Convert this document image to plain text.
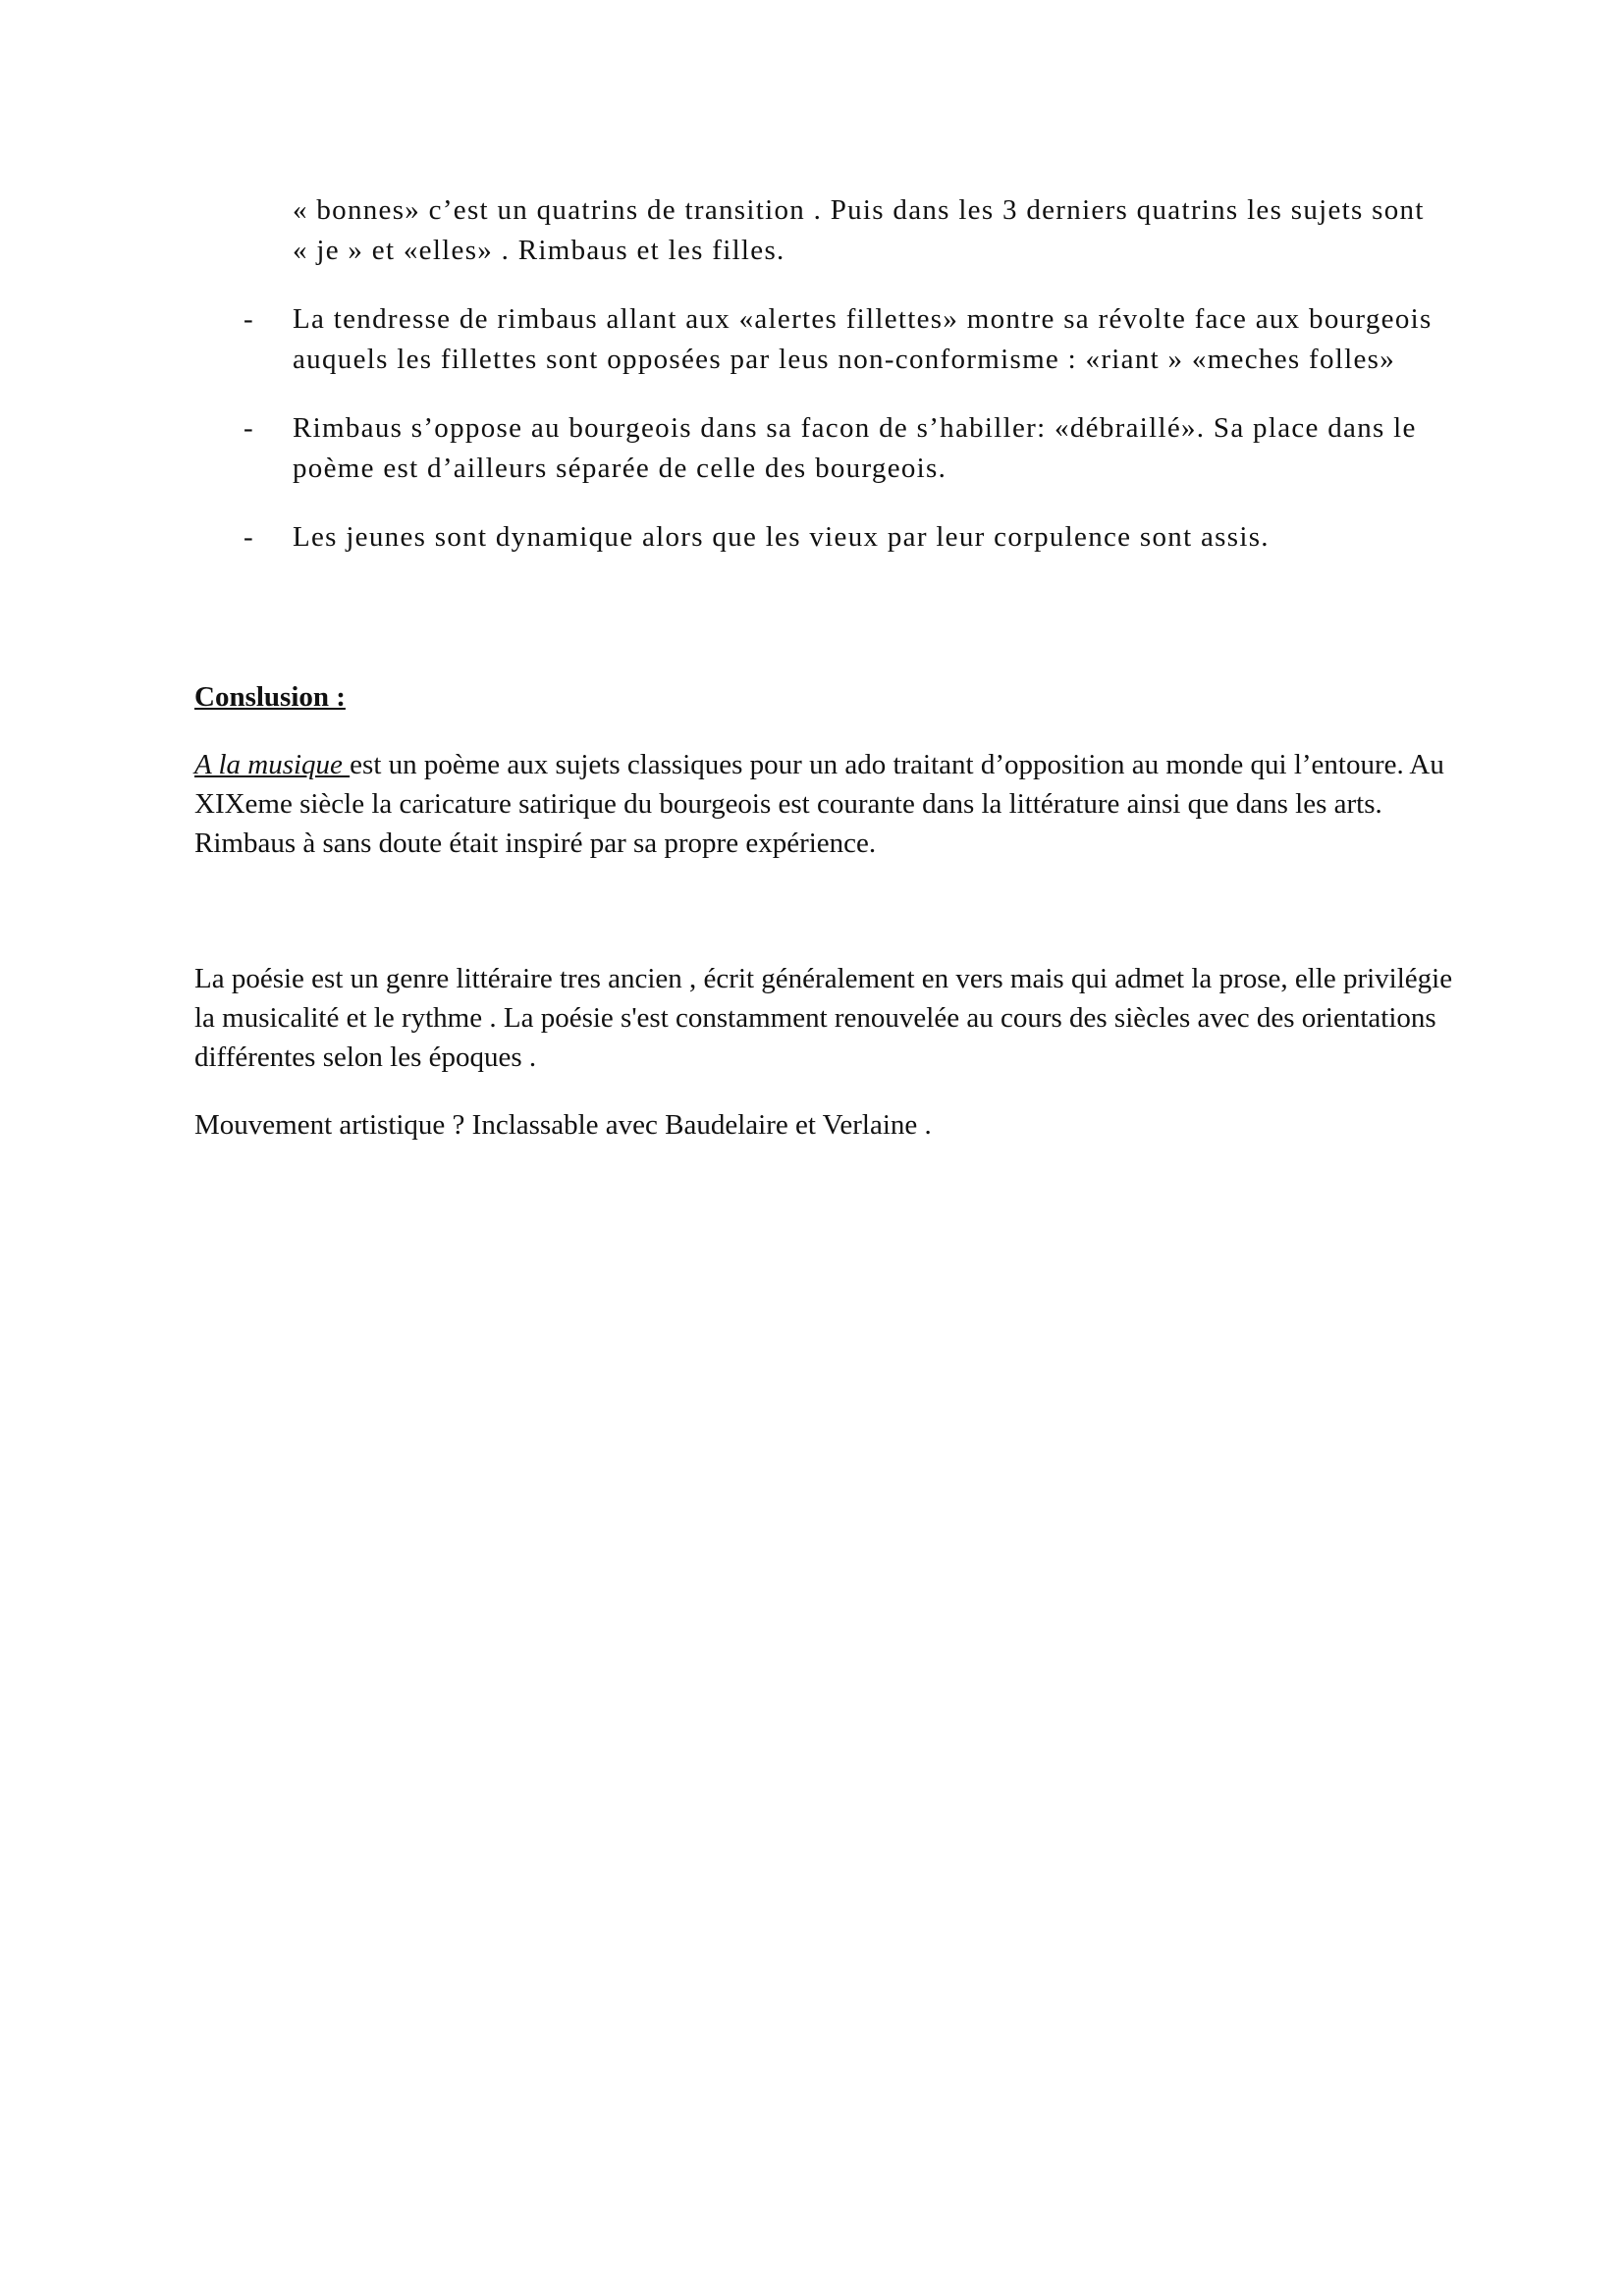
« bonnes» c’est un quatrins de transition . Puis dans les 3 derniers quatrins les sujets sont
« je » et «elles» . Rimbaus et les filles.
- La tendresse de rimbaus allant aux «alertes fillettes» montre sa révolte face aux bourgeois
auquels les fillettes sont opposées par leus non-conformisme : «riant » «meches folles»
- Rimbaus s’oppose au bourgeois dans sa facon de s’habiller: «débraillé». Sa place dans le
poème est d’ailleurs séparée de celle des bourgeois.
- Les jeunes sont dynamique alors que les vieux par leur corpulence sont assis.
Conslusion :

A la musique est un poème aux sujets classiques pour un ado traitant d’opposition au monde qui l’entoure. Au XIXeme siècle la caricature satirique du bourgeois est courante dans la littérature ainsi que dans les arts. Rimbaus à sans doute était inspiré par sa propre expérience.

La poésie est un genre littéraire tres ancien , écrit généralement en vers mais qui admet la prose, elle privilégie la musicalité et le rythme . La poésie s'est constamment renouvelée au cours des siècles avec des orientations différentes selon les époques .

Mouvement artistique ? Inclassable avec Baudelaire et Verlaine .
